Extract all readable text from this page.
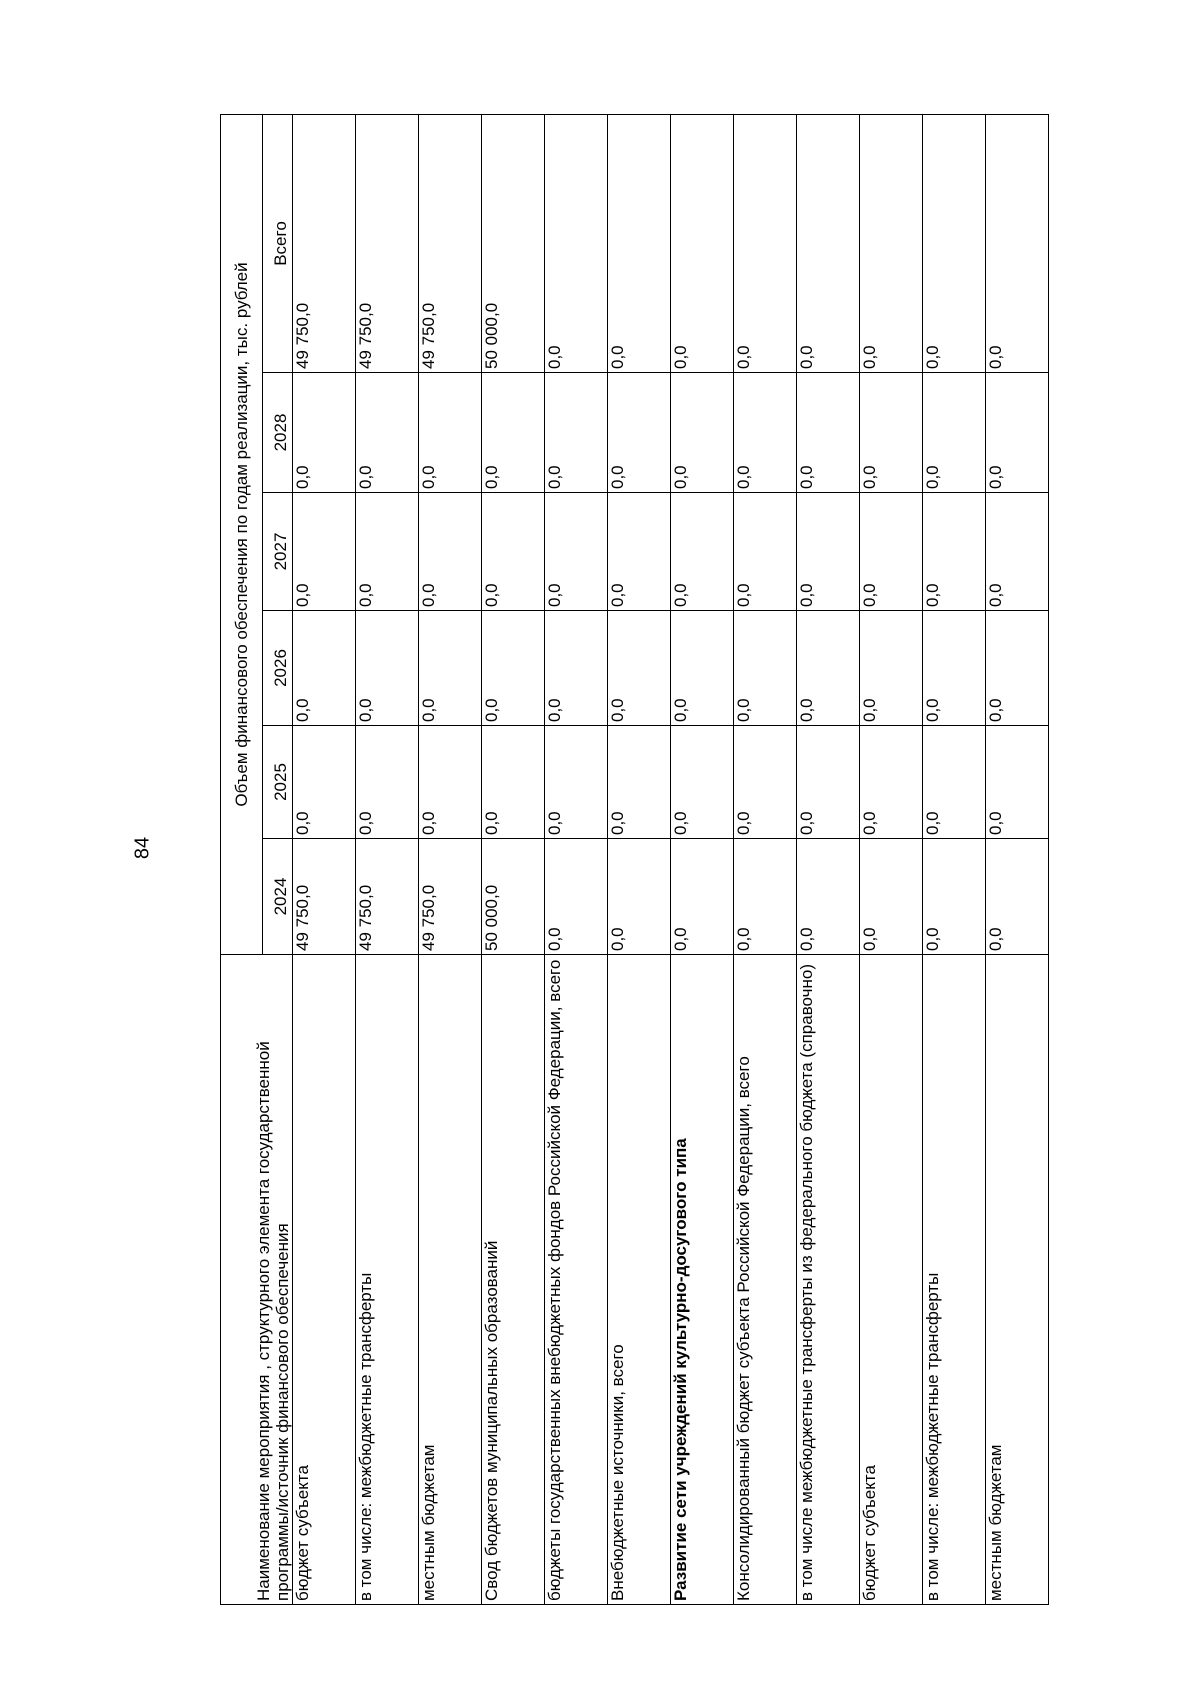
84
Наименование мероприятия , структурного элемента государственной программы/источник финансового обеспечения	Объем финансового обеспечения по годам реализации, тыс. рублей					
	2024	2025	2026	2027	2028	Всего
бюджет субъекта	49 750,0	0,0	0,0	0,0	0,0	49 750,0
в том числе: межбюджетные трансферты	49 750,0	0,0	0,0	0,0	0,0	49 750,0
местным бюджетам	49 750,0	0,0	0,0	0,0	0,0	49 750,0
Свод бюджетов муниципальных образований	50 000,0	0,0	0,0	0,0	0,0	50 000,0
бюджеты государственных внебюджетных фондов Российской Федерации, всего	0,0	0,0	0,0	0,0	0,0	0,0
Внебюджетные источники, всего	0,0	0,0	0,0	0,0	0,0	0,0
Развитие сети учреждений культурно-досугового типа	0,0	0,0	0,0	0,0	0,0	0,0
Консолидированный бюджет субъекта Российской Федерации, всего	0,0	0,0	0,0	0,0	0,0	0,0
в том числе межбюджетные трансферты из федерального бюджета (справочно)	0,0	0,0	0,0	0,0	0,0	0,0
бюджет субъекта	0,0	0,0	0,0	0,0	0,0	0,0
в том числе: межбюджетные трансферты	0,0	0,0	0,0	0,0	0,0	0,0
местным бюджетам	0,0	0,0	0,0	0,0	0,0	0,0
